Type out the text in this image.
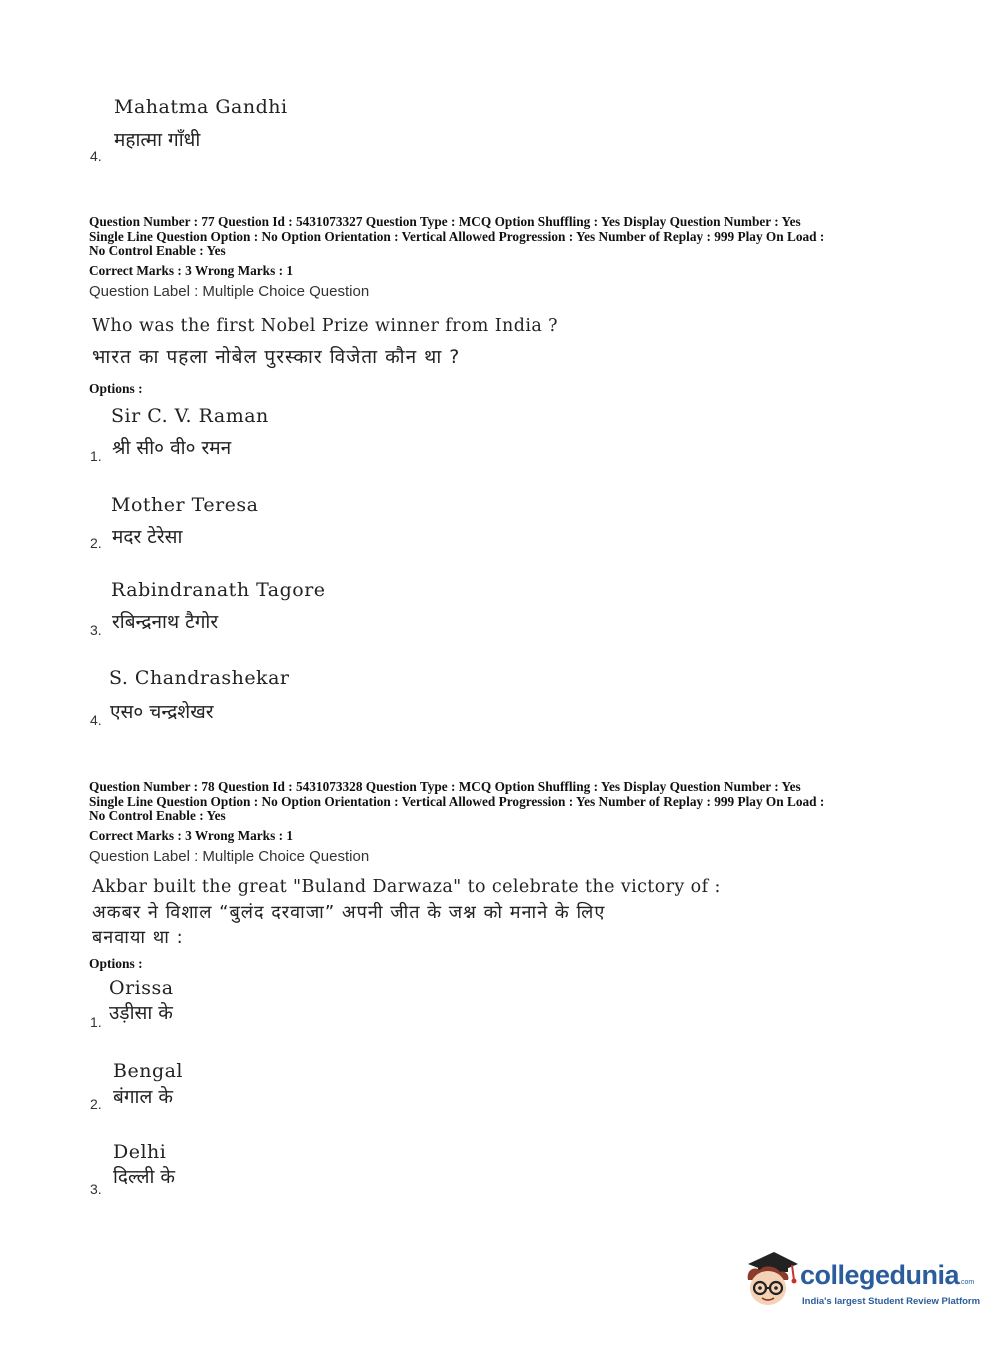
Mahatma Gandhi
महात्मा गाँधी
4.
Question Number : 77 Question Id : 5431073327 Question Type : MCQ Option Shuffling : Yes Display Question Number : Yes
Single Line Question Option : No Option Orientation : Vertical Allowed Progression : Yes Number of Replay : 999 Play On Load :
No Control Enable : Yes
Correct Marks : 3 Wrong Marks : 1
Question Label : Multiple Choice Question
Who was the first Nobel Prize winner from India ?
भारत का पहला नोबेल पुरस्कार विजेता कौन था ?
Options :
Sir C. V. Raman
श्री सी० वी० रमन
1.
Mother Teresa
मदर टेरेसा
2.
Rabindranath Tagore
रबिन्द्रनाथ टैगोर
3.
S. Chandrashekar
एस० चन्द्रशेखर
4.
Question Number : 78 Question Id : 5431073328 Question Type : MCQ Option Shuffling : Yes Display Question Number : Yes
Single Line Question Option : No Option Orientation : Vertical Allowed Progression : Yes Number of Replay : 999 Play On Load :
No Control Enable : Yes
Correct Marks : 3 Wrong Marks : 1
Question Label : Multiple Choice Question
Akbar built the great "Buland Darwaza" to celebrate the victory of :
अकबर ने विशाल “बुलंद दरवाजा” अपनी जीत के जश्न को मनाने के लिए
बनवाया था :
Options :
Orissa
उड़ीसा के
1.
Bengal
बंगाल के
2.
Delhi
दिल्ली के
3.
collegedunia.com
India's largest Student Review Platform
